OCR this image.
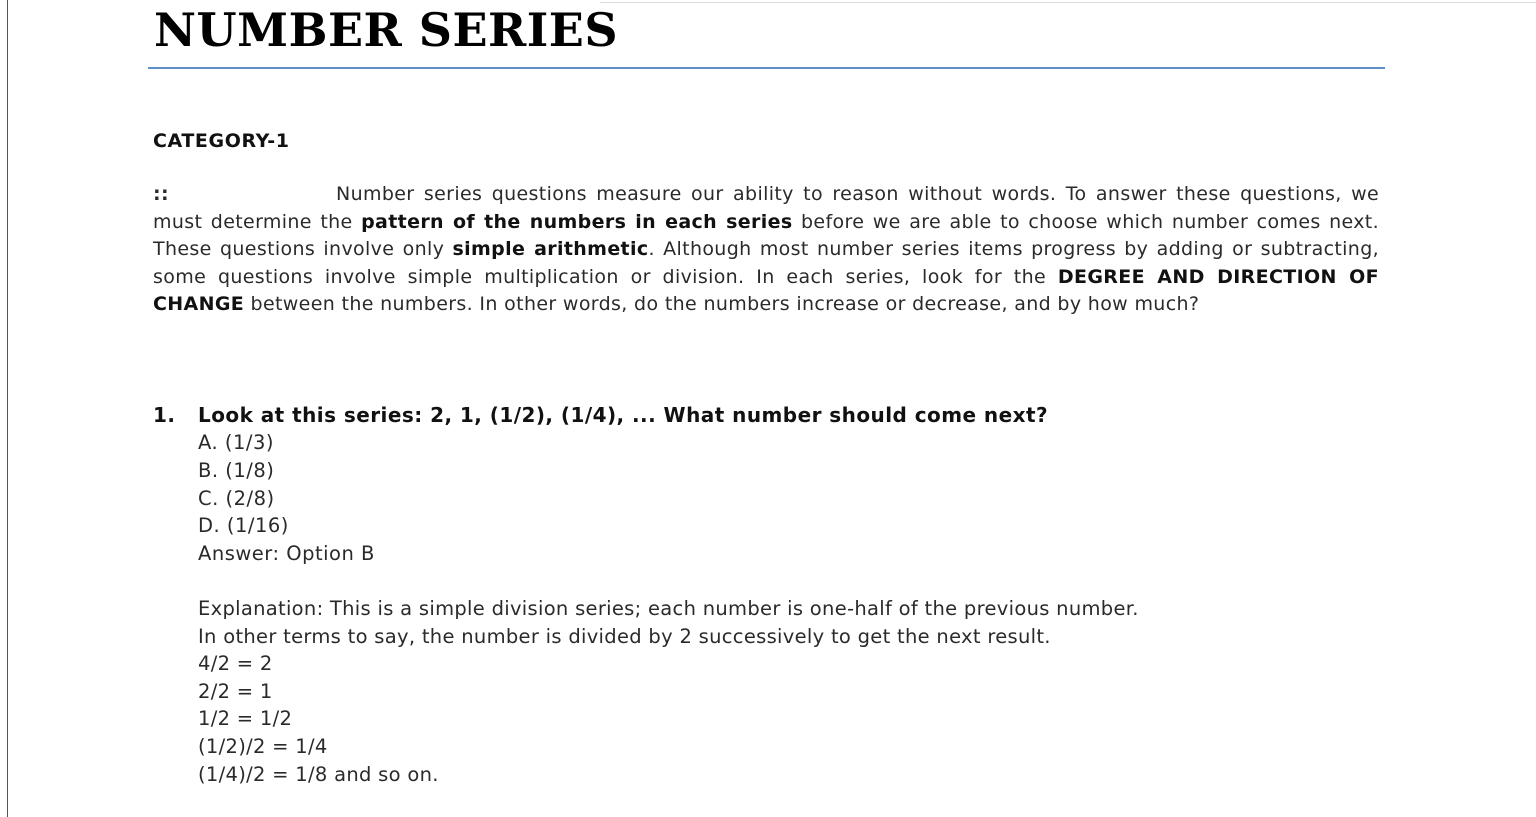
NUMBER SERIES
CATEGORY-1

::	Number series questions measure our ability to reason without words. To answer these questions, we must determine the pattern of the numbers in each series before we are able to choose which number comes next. These questions involve only simple arithmetic. Although most number series items progress by adding or subtracting, some questions involve simple multiplication or division. In each series, look for the DEGREE AND DIRECTION OF CHANGE between the numbers. In other words, do the numbers increase or decrease, and by how much?

1. Look at this series: 2, 1, (1/2), (1/4), ... What number should come next?

A. (1/3)
B. (1/8)
C. (2/8)
D. (1/16)

Answer: Option B

Explanation: This is a simple division series; each number is one-half of the previous number.
In other terms to say, the number is divided by 2 successively to get the next result.
4/2 = 2
2/2 = 1
1/2 = 1/2
(1/2)/2 = 1/4
(1/4)/2 = 1/8 and so on.
